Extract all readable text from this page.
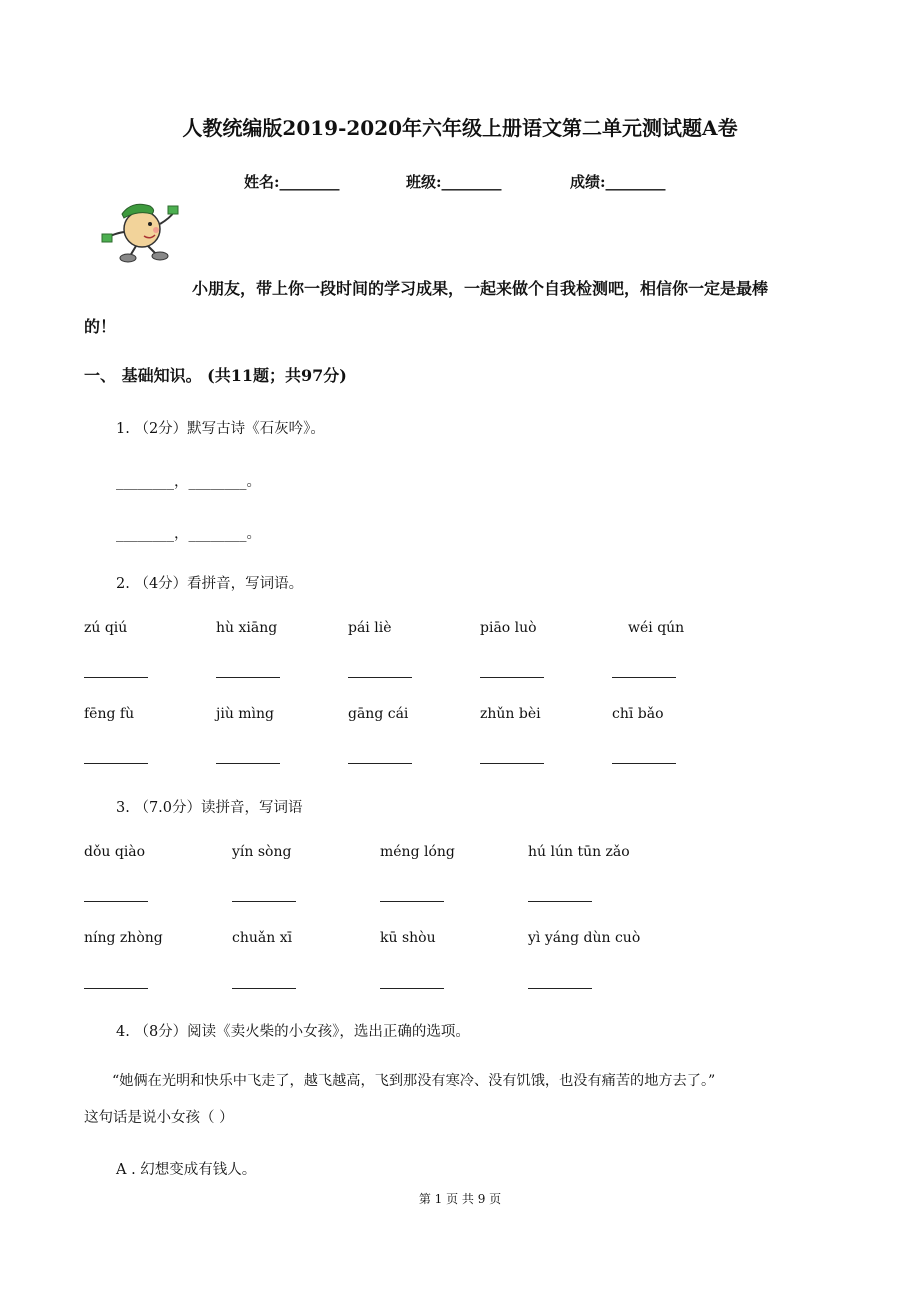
人教统编版2019-2020年六年级上册语文第二单元测试题A卷
姓名:________	班级:________	成绩:________
小朋友，带上你一段时间的学习成果，一起来做个自我检测吧，相信你一定是最棒
的！
一、 基础知识。 (共11题；共97分)
1. （2分）默写古诗《石灰吟》。
________，________。
________，________。
2. （4分）看拼音，写词语。
zú qiú	hù xiāng	pái liè	piāo luò	wéi qún
fēng fù	jiù mìng	gāng cái	zhǔn bèi	chī bǎo
3. （7.0分）读拼音，写词语
dǒu qiào	yín sòng	méng lóng	hú lún tūn zǎo
níng zhòng	chuǎn xī	kū shòu	yì yáng dùn cuò
4. （8分）阅读《卖火柴的小女孩》，选出正确的选项。
“她俩在光明和快乐中飞走了，越飞越高，飞到那没有寒冷、没有饥饿，也没有痛苦的地方去了。”
这句话是说小女孩（ ）
A . 幻想变成有钱人。
第 1 页 共 9 页
